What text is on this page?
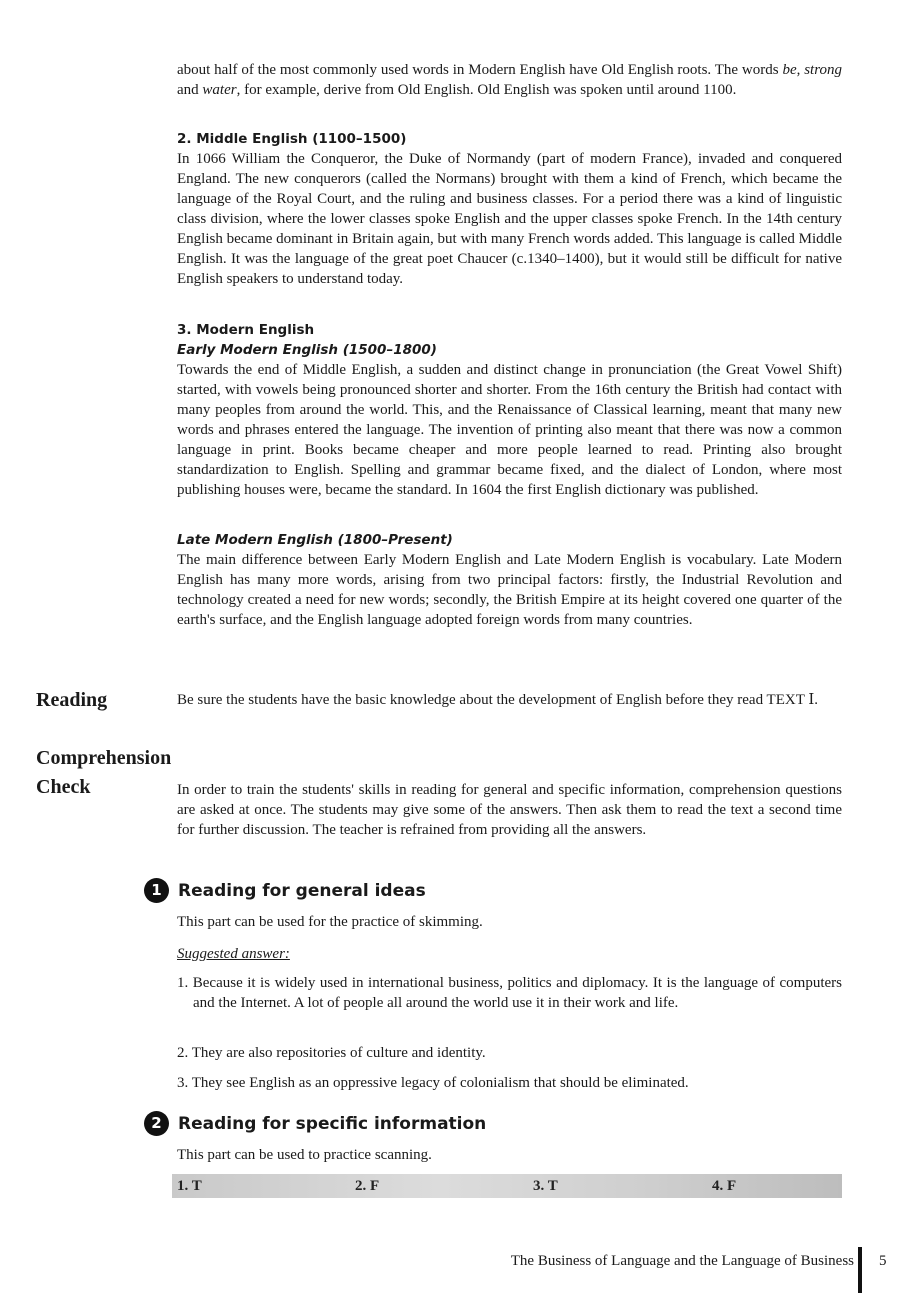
about half of the most commonly used words in Modern English have Old English roots. The words be, strong and water, for example, derive from Old English. Old English was spoken until around 1100.

2. Middle English (1100–1500)

In 1066 William the Conqueror, the Duke of Normandy (part of modern France), invaded and conquered England. The new conquerors (called the Normans) brought with them a kind of French, which became the language of the Royal Court, and the ruling and business classes. For a period there was a kind of linguistic class division, where the lower classes spoke English and the upper classes spoke French. In the 14th century English became dominant in Britain again, but with many French words added. This language is called Middle English. It was the language of the great poet Chaucer (c.1340–1400), but it would still be difficult for native English speakers to understand today.

3. Modern English

Early Modern English (1500–1800)

Towards the end of Middle English, a sudden and distinct change in pronunciation (the Great Vowel Shift) started, with vowels being pronounced shorter and shorter. From the 16th century the British had contact with many peoples from around the world. This, and the Renaissance of Classical learning, meant that many new words and phrases entered the language. The invention of printing also meant that there was now a common language in print. Books became cheaper and more people learned to read. Printing also brought standardization to English. Spelling and grammar became fixed, and the dialect of London, where most publishing houses were, became the standard. In 1604 the first English dictionary was published.

Late Modern English (1800–Present)

The main difference between Early Modern English and Late Modern English is vocabulary. Late Modern English has many more words, arising from two principal factors: firstly, the Industrial Revolution and technology created a need for new words; secondly, the British Empire at its height covered one quarter of the earth's surface, and the English language adopted foreign words from many countries.

Reading	Be sure the students have the basic knowledge about the development of English before they read TEXT Ⅰ.

Comprehension
Check	In order to train the students' skills in reading for general and specific information, comprehension questions are asked at once. The students may give some of the answers. Then ask them to read the text a second time for further discussion. The teacher is refrained from providing all the answers.

1 Reading for general ideas
This part can be used for the practice of skimming.
Suggested answer:
1. Because it is widely used in international business, politics and diplomacy. It is the language of computers and the Internet. A lot of people all around the world use it in their work and life.
2. They are also repositories of culture and identity.
3. They see English as an oppressive legacy of colonialism that should be eliminated.
2 Reading for specific information
This part can be used to practice scanning.
1. T	2. F	3. T	4. F
The Business of Language and the Language of Business 5
